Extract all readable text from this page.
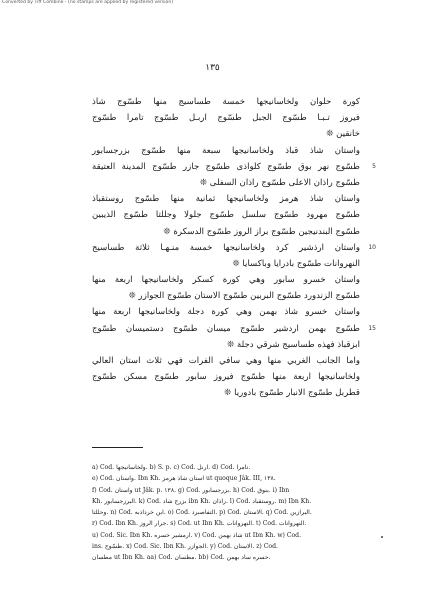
Converted by Tiff Combine - (no stamps are applied by registered version)
١٣٥
كورة حلوان ولخاسانيجها خمسة طساسيج منها طسّوج شاذ
فيروز تـبـا طسّوج الجبل طسّوج اربـل طسّوج تامرا طسّوج
خانقين ❊
واستان شاذ قباذ ولخاسانيجها سبعة منها طسّوج بزرجسابور
طسّوج نهر بوق طسّوج كلواذى طسّوج جازر طسّوج المدينة العتيقة 5
طسّوج راذان الاعلى طسّوج راذان السفلى ❊
واستان شاذ هرمز ولخاسانيجها ثمانية منها طسّوج روستقباذ
طسّوج مهرود طسّوج سلسل طسّوج جلولا وجللتا طسّوج الذيبين
طسّوج البندنيجين طسّوج براز الروز طسّوج الدسكرة ❊
واستان ارذشير كرد ولخاسانيجها خمسة منـهـا ثلاثة طساسيج 10
النهروانات طسّوج بادرايا وباكسايا ❊
واستان خسرو سابور وهي كورة كسكر ولخاسانيجها اربعة منها
طسّوج الزندورد طسّوج البربين طسّوج الاستان طسّوج الجوازر ❊
واستان خسرو شاذ بهمن وهي كورة دجلة ولخاسانيجها اربعة منها
طسّوج بهمن اردشير طسّوج ميسان طسّوج دستميسان طسّوج 15
ابزقباذ فهذه طساسيج شرقي دجلة ❊
واما الجانب الغربي منها وهي سافي الفرات فهي ثلاث استان العالي
ولخاسانيجها اربعة منها طسّوج فيروز سابور طسّوج مسكن طسّوج
قطربل طسّوج الانبار طسّوج بادوريا ❊
a) Cod. ولخاسانيجها. b) S. p. c) Cod. ارنل. d) Cod. تامرا.
e) Cod. واستان. Ibn Kh. استان شاذ هرمز ut quoque Jâk. III, ١٣٨.
f) Cod. واستان ut Jâk. p. ١٣٨. g) Cod. بزرجسابور. h) Cod. بنوق. i) Ibn
Kh. البرزجسابور. k) Cod. بزرج شاد ibn Kh. راذان. l) Cod. روستقباد. m) Ibn Kh.
وحللتا. n) Cod. ابن خرداذبه. o) Cod. التفاصبرد. p) Cod. الاستان. q) Cod. البرازين.
r) Cod. Ibn Kh. جرار الروز. s) Cod. ut Ibn Kh. النهروانات. t) Cod. النهروانات.
u) Cod. Sic. Ibn Kh. ارمشير خسره. v) Cod. شاذ بهمن ut Ibn Kh. w) Cod.
ins. طسّوج. x) Cod. Sic. Ibn Kh. الجوازر. y) Cod. الاستان. z) Cod.
مطسان ut Ibn Kh. aa) Cod. مطسان. bb) Cod. حسره ساد بهمن.
